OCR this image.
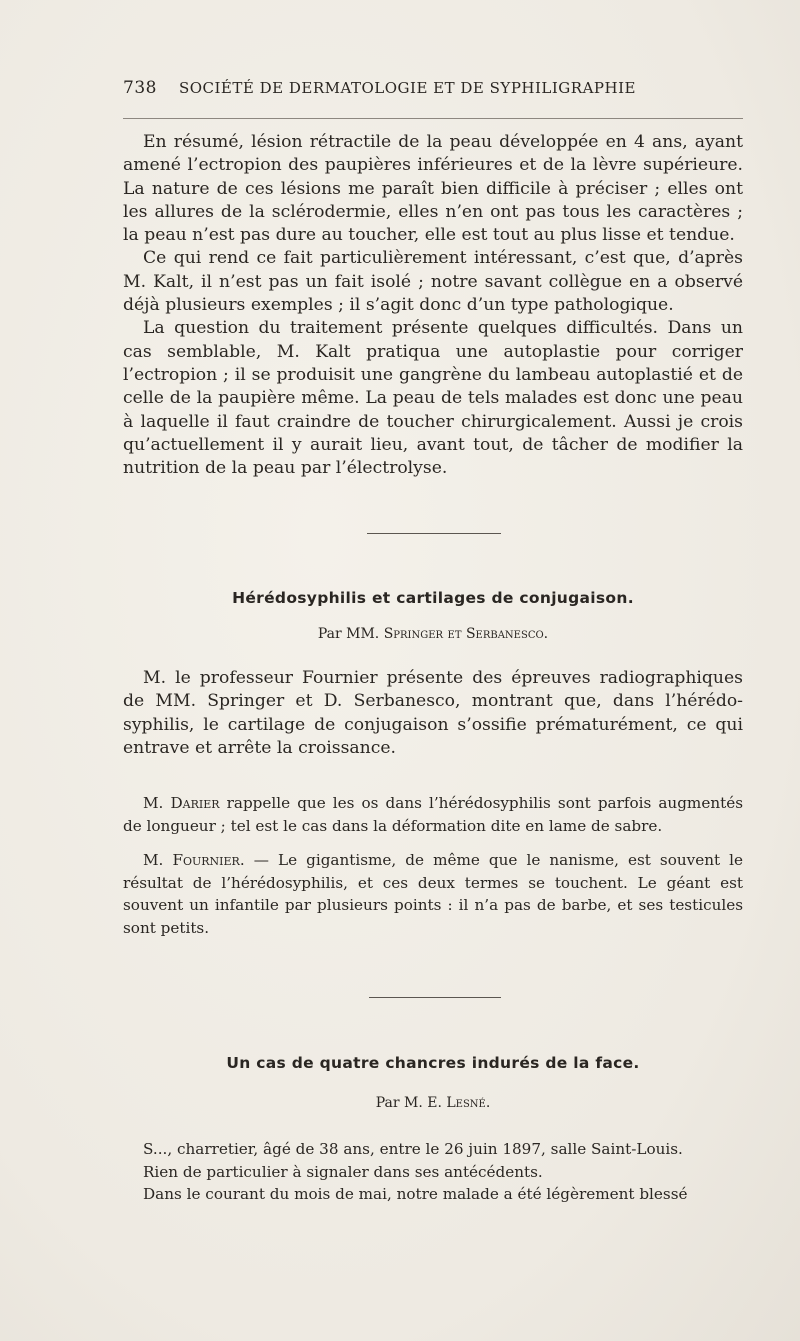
738 SOCIÉTÉ DE DERMATOLOGIE ET DE SYPHILIGRAPHIE

En résumé, lésion rétractile de la peau développée en 4 ans, ayant amené l’ectropion des paupières inférieures et de la lèvre supérieure. La nature de ces lésions me paraît bien difficile à préciser ; elles ont les allures de la sclérodermie, elles n’en ont pas tous les caractères ; la peau n’est pas dure au toucher, elle est tout au plus lisse et tendue.

Ce qui rend ce fait particulièrement intéressant, c’est que, d’après M. Kalt, il n’est pas un fait isolé ; notre savant collègue en a observé déjà plusieurs exemples ; il s’agit donc d’un type pathologique.

La question du traitement présente quelques difficultés. Dans un cas semblable, M. Kalt pratiqua une autoplastie pour corriger l’ectropion ; il se produisit une gangrène du lambeau autoplastié et de celle de la paupière même. La peau de tels malades est donc une peau à laquelle il faut craindre de toucher chirurgicalement. Aussi je crois qu’actuellement il y aurait lieu, avant tout, de tâcher de modifier la nutrition de la peau par l’électrolyse.

Hérédosyphilis et cartilages de conjugaison.
Par MM. Springer et Serbanesco.

M. le professeur Fournier présente des épreuves radiographiques de MM. Springer et D. Serbanesco, montrant que, dans l’hérédo-syphilis, le cartilage de conjugaison s’ossifie prématurément, ce qui entrave et arrête la croissance.

M. Darier rappelle que les os dans l’hérédosyphilis sont parfois augmentés de longueur ; tel est le cas dans la déformation dite en lame de sabre.

M. Fournier. — Le gigantisme, de même que le nanisme, est souvent le résultat de l’hérédosyphilis, et ces deux termes se touchent. Le géant est souvent un infantile par plusieurs points : il n’a pas de barbe, et ses testicules sont petits.

Un cas de quatre chancres indurés de la face.
Par M. E. Lesné.

S..., charretier, âgé de 38 ans, entre le 26 juin 1897, salle Saint-Louis.

Rien de particulier à signaler dans ses antécédents.

Dans le courant du mois de mai, notre malade a été légèrement blessé
